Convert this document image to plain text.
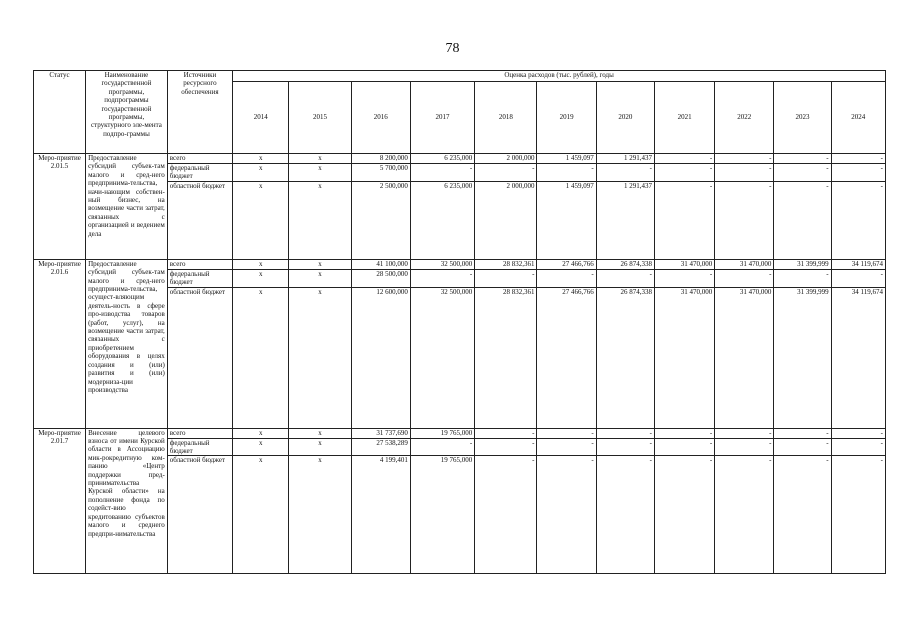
78
Статус	Наименование государственной программы, подпрограммы государственной программы, структурного эле-мента подпро-граммы	Источники ресурсного обеспечения	Оценка расходов (тыс. рублей), годы										
			2014	2015	2016	2017	2018	2019	2020	2021	2022	2023	2024
Меро-приятие 2.01.5	Предоставление субсидий субъек-там малого и сред-него предпринима-тельства, начи-нающим собствен-ный бизнес, на возмещение части затрат, связанных с организацией и ведением дела	всего	x	x	8 200,000	6 235,000	2 000,000	1 459,097	1 291,437	-	-	-	-
		федеральный бюджет	x	x	5 700,000	-	-	-	-	-	-	-	-
		областной бюджет	x	x	2 500,000	6 235,000	2 000,000	1 459,097	1 291,437	-	-	-	-
Меро-приятие 2.01.6	Предоставление субсидий субъек-там малого и сред-него предпринима-тельства, осущест-вляющим деятель-ность в сфере про-изводства товаров (работ, услуг), на возмещение части затрат, связанных с приобретением оборудования в целях создания и (или) развития и (или) модерниза-ции производства	всего	x	x	41 100,000	32 500,000	28 832,361	27 466,766	26 874,338	31 470,000	31 470,000	31 399,999	34 119,674
		федеральный бюджет	x	x	28 500,000	-	-	-	-	-	-	-	-
		областной бюджет	x	x	12 600,000	32 500,000	28 832,361	27 466,766	26 874,338	31 470,000	31 470,000	31 399,999	34 119,674
Меро-приятие 2.01.7	Внесение целевого взноса от имени Курской области в Ассоциацию мик-рокредитную ком-панию «Центр поддержки пред-принимательства Курской области» на пополнение фонда по содейст-вию кредитованию субъектов малого и среднего предпри-нимательства	всего	x	x	31 737,690	19 765,000	-	-	-	-	-	-	-
		федеральный бюджет	x	x	27 538,289	-	-	-	-	-	-	-	-
		областной бюджет	x	x	4 199,401	19 765,000	-	-	-	-	-	-	-
